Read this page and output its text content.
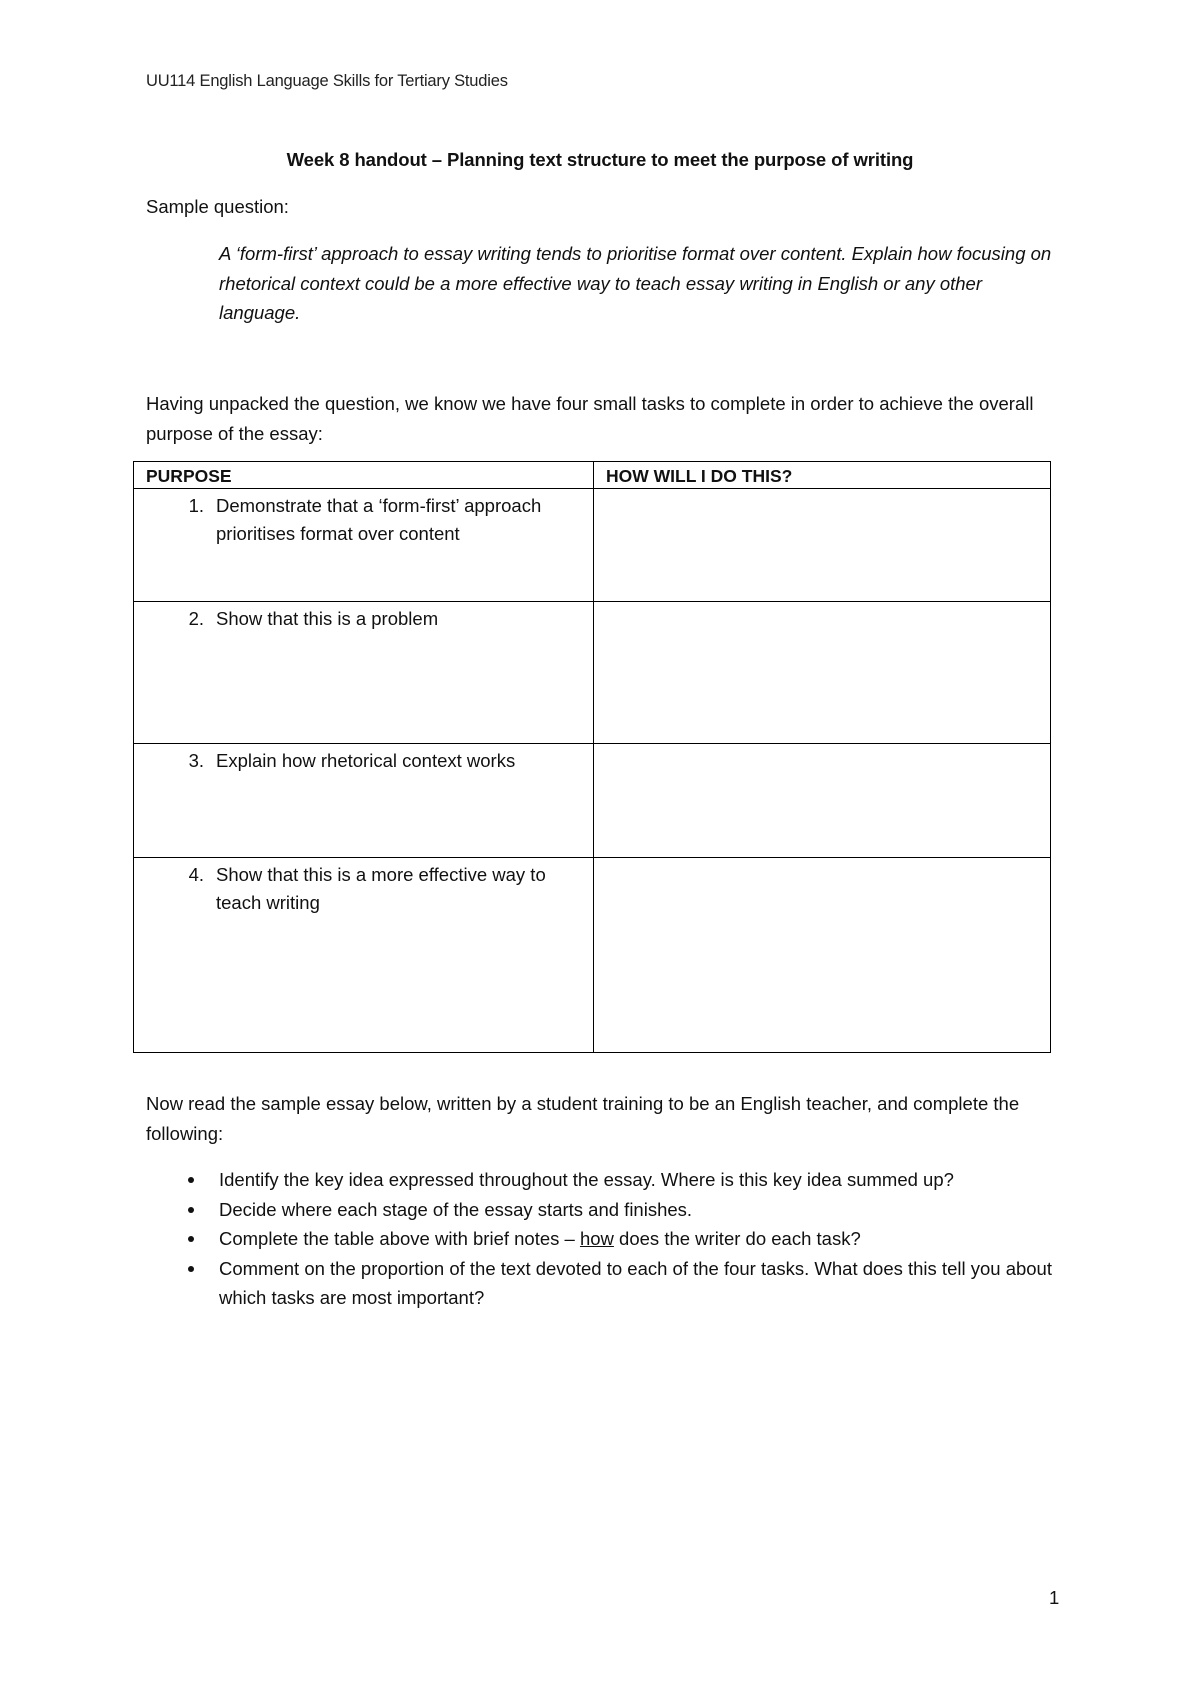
UU114 English Language Skills for Tertiary Studies
Week 8 handout – Planning text structure to meet the purpose of writing
Sample question:
A ‘form-first’ approach to essay writing tends to prioritise format over content. Explain how focusing on rhetorical context could be a more effective way to teach essay writing in English or any other language.
Having unpacked the question, we know we have four small tasks to complete in order to achieve the overall purpose of the essay:
PURPOSE	HOW WILL I DO THIS?

1. Demonstrate that a ‘form-first’ approach prioritises format over content	

2. Show that this is a problem	

3. Explain how rhetorical context works	

4. Show that this is a more effective way to teach writing	

Now read the sample essay below, written by a student training to be an English teacher, and complete the following:
Identify the key idea expressed throughout the essay. Where is this key idea summed up?
Decide where each stage of the essay starts and finishes.
Complete the table above with brief notes – how does the writer do each task?
Comment on the proportion of the text devoted to each of the four tasks. What does this tell you about which tasks are most important?
1
